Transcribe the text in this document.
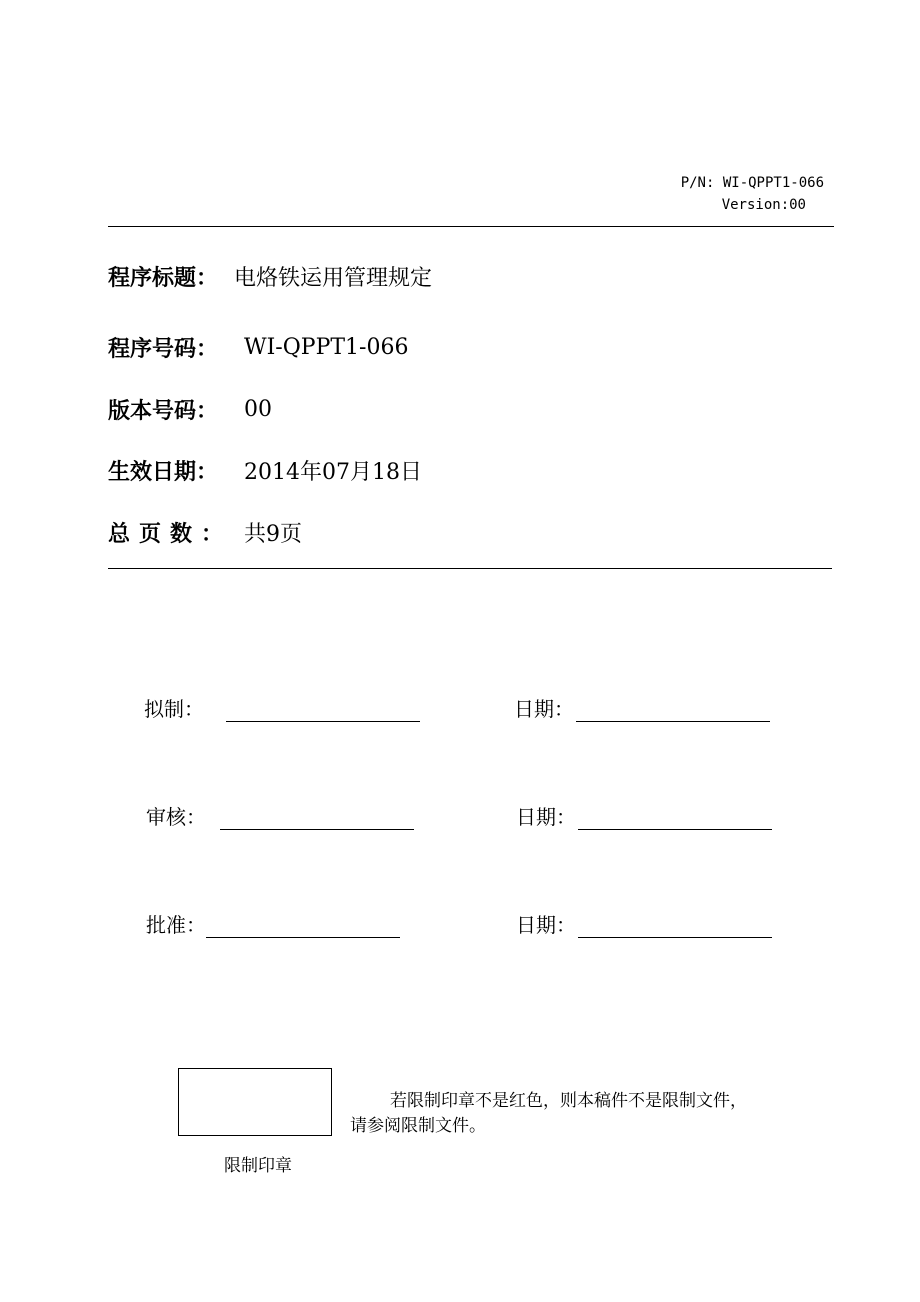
P/N: WI-QPPT1-066
Version:00
程序标题： 电烙铁运用管理规定
程序号码：	WI-QPPT1-066
版本号码：	00
生效日期：	2014年07月18日
总页数： 共9页
拟制：	日期：
审核：	日期：
批准：	日期：
限制印章
若限制印章不是红色，则本稿件不是限制文件，
请参阅限制文件。
